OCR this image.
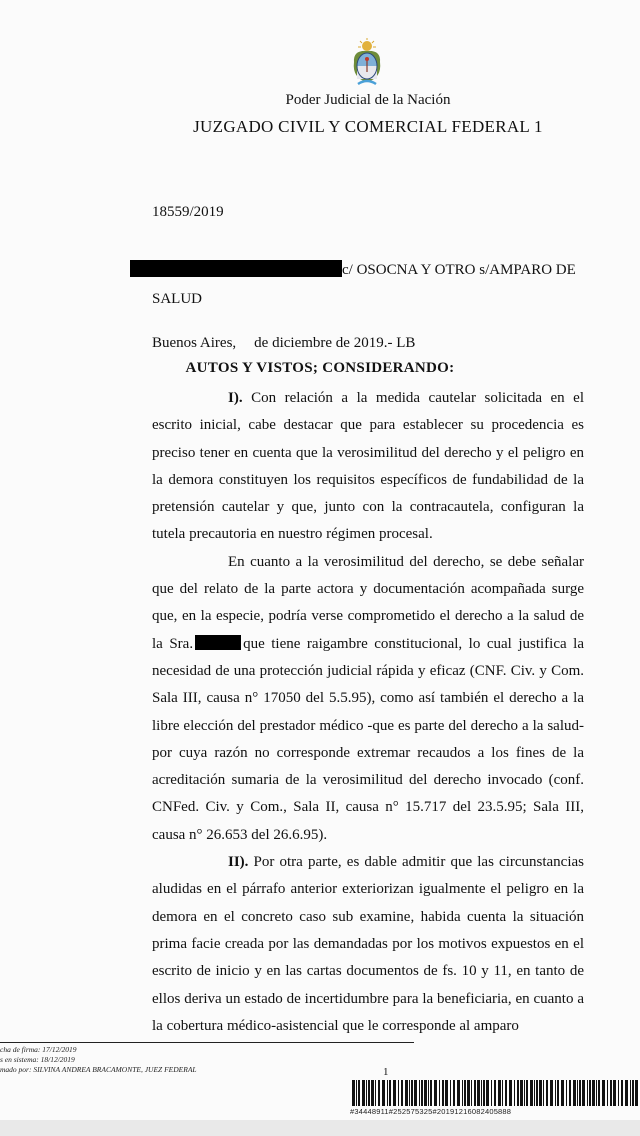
Poder Judicial de la Nación
JUZGADO CIVIL Y COMERCIAL FEDERAL 1
18559/2019
c/ OSOCNA Y OTRO s/AMPARO DE
SALUD
Buenos Aires, de diciembre de 2019.- LB
AUTOS Y VISTOS; CONSIDERANDO:

I). Con relación a la medida cautelar solicitada en el escrito inicial, cabe destacar que para establecer su procedencia es preciso tener en cuenta que la verosimilitud del derecho y el peligro en la demora constituyen los requisitos específicos de fundabilidad de la pretensión cautelar y que, junto con la contracautela, configuran la tutela precautoria en nuestro régimen procesal.

En cuanto a la verosimilitud del derecho, se debe señalar que del relato de la parte actora y documentación acompañada surge que, en la especie, podría verse comprometido el derecho a la salud de la Sra.	que tiene raigambre constitucional, lo cual justifica la necesidad de una protección judicial rápida y eficaz (CNF. Civ. y Com. Sala III, causa n° 17050 del 5.5.95), como así también el derecho a la libre elección del prestador médico -que es parte del derecho a la salud- por cuya razón no corresponde extremar recaudos a los fines de la acreditación sumaria de la verosimilitud del derecho invocado (conf. CNFed. Civ. y Com., Sala II, causa n° 15.717 del 23.5.95; Sala III, causa n° 26.653 del 26.6.95).

II). Por otra parte, es dable admitir que las circunstancias aludidas en el párrafo anterior exteriorizan igualmente el peligro en la demora en el concreto caso sub examine, habida cuenta la situación prima facie creada por las demandadas por los motivos expuestos en el escrito de inicio y en las cartas documentos de fs. 10 y 11, en tanto de ellos deriva un estado de incertidumbre para la beneficiaria, en cuanto a la cobertura médico-asistencial que le corresponde al amparo

cha de firma: 17/12/2019
s en sistema: 18/12/2019
mado por: SILVINA ANDREA BRACAMONTE, JUEZ FEDERAL	1
#34448911#252575325#20191216082405888
